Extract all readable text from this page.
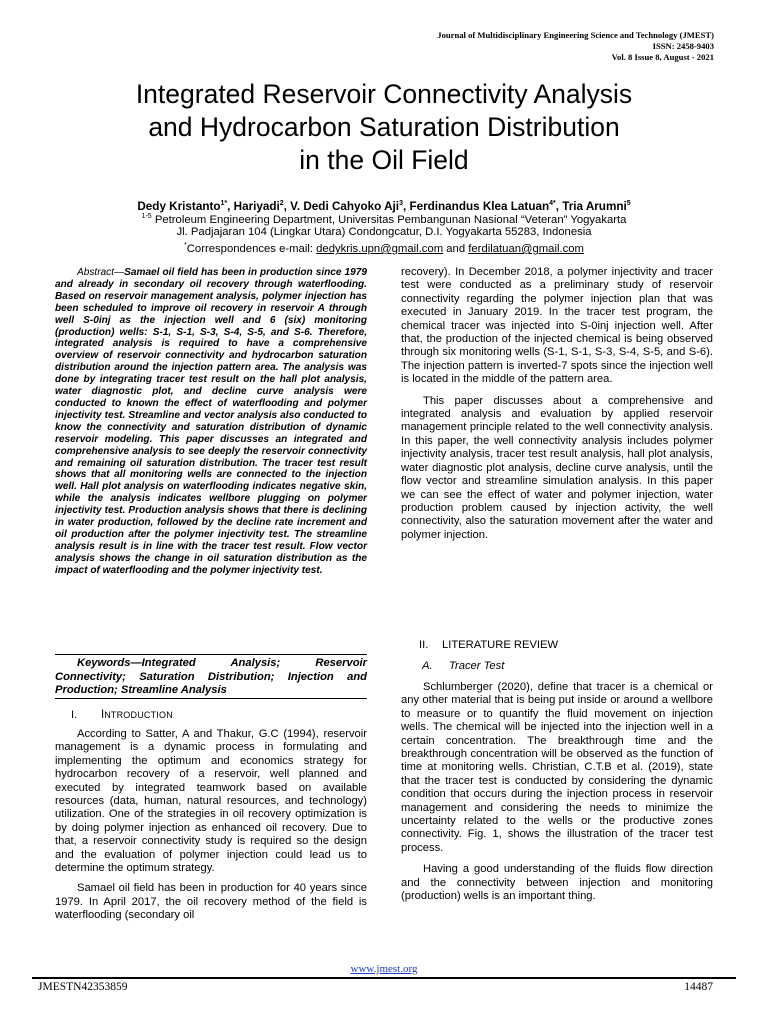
Journal of Multidisciplinary Engineering Science and Technology (JMEST)
ISSN: 2458-9403
Vol. 8 Issue 8, August - 2021
Integrated Reservoir Connectivity Analysis
and Hydrocarbon Saturation Distribution
in the Oil Field
Dedy Kristanto$^{1*}$, Hariyadi$^2$, V. Dedi Cahyoko Aji$^3$, Ferdinandus Klea Latuan$^{4*}$, Tria Arumni$^5$
$^{1-5}$ Petroleum Engineering Department, Universitas Pembangunan Nasional “Veteran” Yogyakarta
Jl. Padjajaran 104 (Lingkar Utara) Condongcatur, D.I. Yogyakarta 55283, Indonesia
*Correspondences e-mail: dedykris.upn@gmail.com and ferdilatuan@gmail.com

Abstract—Samael oil field has been in production since 1979 and already in secondary oil recovery through waterflooding. Based on reservoir management analysis, polymer injection has been scheduled to improve oil recovery in reservoir A through well S-0inj as the injection well and 6 (six) monitoring (production) wells: S-1, S-1, S-3, S-4, S-5, and S-6. Therefore, integrated analysis is required to have a comprehensive overview of reservoir connectivity and hydrocarbon saturation distribution around the injection pattern area. The analysis was done by integrating tracer test result on the hall plot analysis, water diagnostic plot, and decline curve analysis were conducted to known the effect of waterflooding and polymer injectivity test. Streamline and vector analysis also conducted to know the connectivity and saturation distribution of dynamic reservoir modeling. This paper discusses an integrated and comprehensive analysis to see deeply the reservoir connectivity and remaining oil saturation distribution. The tracer test result shows that all monitoring wells are connected to the injection well. Hall plot analysis on waterflooding indicates negative skin, while the analysis indicates wellbore plugging on polymer injectivity test. Production analysis shows that there is declining in water production, followed by the decline rate increment and oil production after the polymer injectivity test. The streamline analysis result is in line with the tracer test result. Flow vector analysis shows the change in oil saturation distribution as the impact of waterflooding and the polymer injectivity test.

Keywords—Integrated Analysis; Reservoir Connectivity; Saturation Distribution; Injection and Production; Streamline Analysis
I. INTRODUCTION

According to Satter, A and Thakur, G.C (1994), reservoir management is a dynamic process in formulating and implementing the optimum and economics strategy for hydrocarbon recovery of a reservoir, well planned and executed by integrated teamwork based on available resources (data, human, natural resources, and technology) utilization. One of the strategies in oil recovery optimization is by doing polymer injection as enhanced oil recovery. Due to that, a reservoir connectivity study is required so the design and the evaluation of polymer injection could lead us to determine the optimum strategy.

Samael oil field has been in production for 40 years since 1979. In April 2017, the oil recovery method of the field is waterflooding (secondary oil

recovery). In December 2018, a polymer injectivity and tracer test were conducted as a preliminary study of reservoir connectivity regarding the polymer injection plan that was executed in January 2019. In the tracer test program, the chemical tracer was injected into S-0inj injection well. After that, the production of the injected chemical is being observed through six monitoring wells (S-1, S-1, S-3, S-4, S-5, and S-6). The injection pattern is inverted-7 spots since the injection well is located in the middle of the pattern area.

This paper discusses about a comprehensive and integrated analysis and evaluation by applied reservoir management principle related to the well connectivity analysis. In this paper, the well connectivity analysis includes polymer injectivity analysis, tracer test result analysis, hall plot analysis, water diagnostic plot analysis, decline curve analysis, until the flow vector and streamline simulation analysis. In this paper we can see the effect of water and polymer injection, water production problem caused by injection activity, the well connectivity, also the saturation movement after the water and polymer injection.

II. LITERATURE REVIEW
A. Tracer Test

Schlumberger (2020), define that tracer is a chemical or any other material that is being put inside or around a wellbore to measure or to quantify the fluid movement on injection wells. The chemical will be injected into the injection well in a certain concentration. The breakthrough time and the breakthrough concentration will be observed as the function of time at monitoring wells. Christian, C.T.B et al. (2019), state that the tracer test is conducted by considering the dynamic condition that occurs during the injection process in reservoir management and considering the needs to minimize the uncertainty related to the wells or the productive zones connectivity. Fig. 1, shows the illustration of the tracer test process.

Having a good understanding of the fluids flow direction and the connectivity between injection and monitoring (production) wells is an important thing.

www.jmest.org
JMESTN42353859	14487
